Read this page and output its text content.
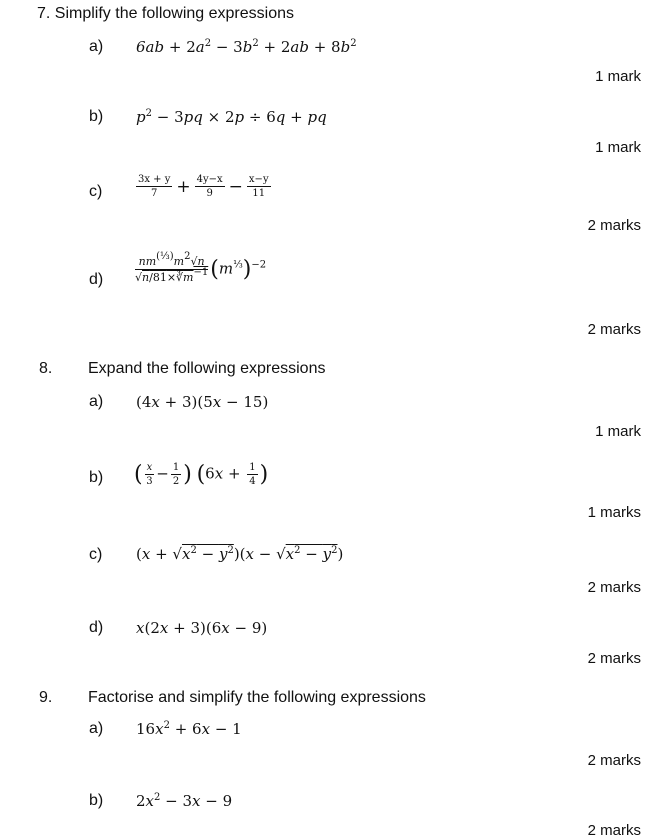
7. Simplify the following expressions
a) $6ab + 2a^2 - 3b^2 + 2ab + 8b^2$
1 mark
b) $p^2 - 3pq \times 2p \div 6q$ + pq
1 mark
c)	$\frac{3x + y}{7} + \frac{4y-x}{9} - \frac{x-y}{11}$
2 marks
d)	$\frac{nm^{(\frac{1}{3})}m^2√n}{√n/81\times∛m^{-1}} (m^{\frac{1}{3}})^{-2}$
2 marks
8. Expand the following expressions
a) (4x + 3)(5x − 15)
1 mark
b) ( $\frac{x}{3} - \frac{1}{2}$ ) ($6x + \frac{1}{4}$ )
1 marks
c) $(x + √x^2 - y^2)(x - √x^2 - y^2)$
2 marks
d) x(2x + 3)(6x − 9)
2 marks
9. Factorise and simplify the following expressions
a) $16x^2 + 6x - 1$
2 marks
b) $2x^2 - 3x - 9$
2 marks
